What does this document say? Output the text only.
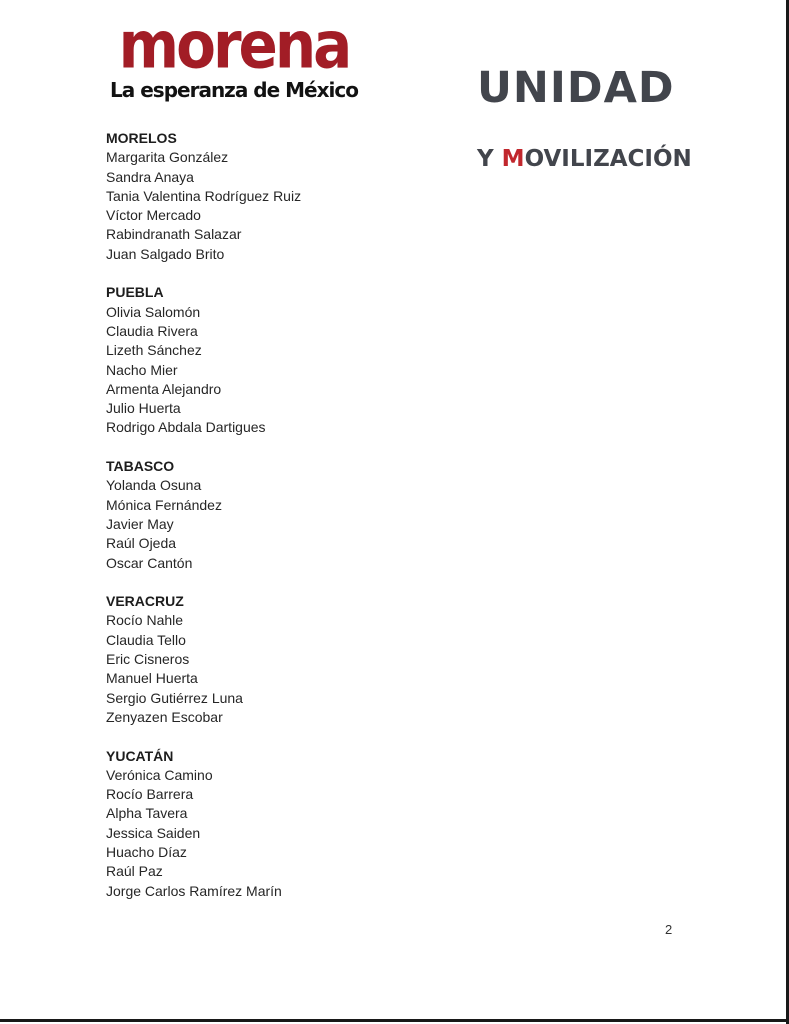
morena
La esperanza de México

	UNIDAD

Y MOVILIZACIÓN

MORELOS
Margarita González
Sandra Anaya
Tania Valentina Rodríguez Ruiz
Víctor Mercado
Rabindranath Salazar
Juan Salgado Brito
PUEBLA
Olivia Salomón
Claudia Rivera
Lizeth Sánchez
Nacho Mier
Armenta Alejandro
Julio Huerta
Rodrigo Abdala Dartigues
TABASCO
Yolanda Osuna
Mónica Fernández
Javier May
Raúl Ojeda
Oscar Cantón
VERACRUZ
Rocío Nahle
Claudia Tello
Eric Cisneros
Manuel Huerta
Sergio Gutiérrez Luna
Zenyazen Escobar
YUCATÁN
Verónica Camino
Rocío Barrera
Alpha Tavera
Jessica Saiden
Huacho Díaz
Raúl Paz
Jorge Carlos Ramírez Marín
2
